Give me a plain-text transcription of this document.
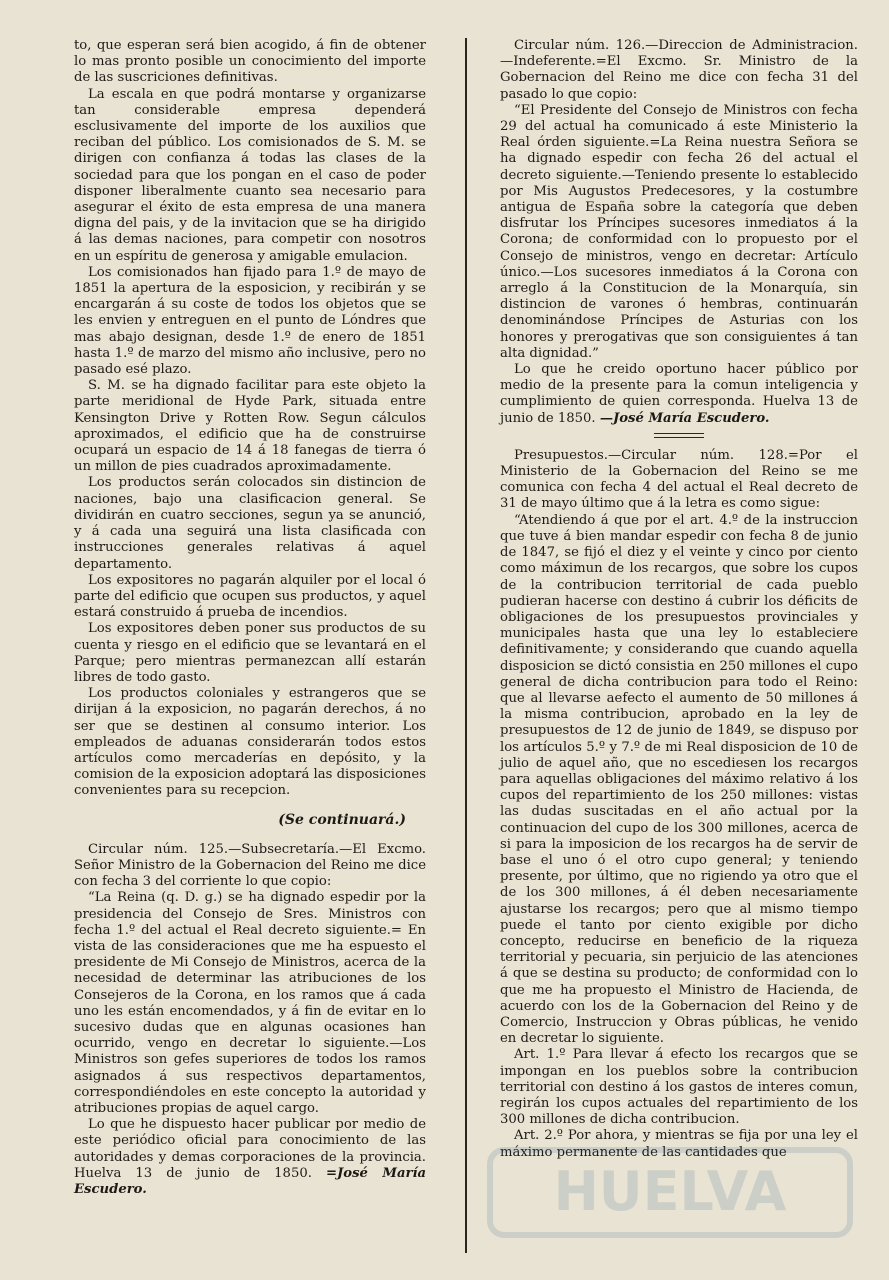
to, que esperan será bien acogido, á fin de obtener lo mas pronto posible un conocimiento del importe de las suscriciones definitivas.

La escala en que podrá montarse y organizarse tan considerable empresa dependerá esclusivamente del importe de los auxilios que reciban del público. Los comisionados de S. M. se dirigen con confianza á todas las clases de la sociedad para que los pongan en el caso de poder disponer liberalmente cuanto sea necesario para asegurar el éxito de esta empresa de una manera digna del pais, y de la invitacion que se ha dirigido á las demas naciones, para competir con nosotros en un espíritu de generosa y amigable emulacion.

Los comisionados han fijado para 1.º de mayo de 1851 la apertura de la esposicion, y recibirán y se encargarán á su coste de todos los objetos que se les envien y entreguen en el punto de Lóndres que mas abajo designan, desde 1.º de enero de 1851 hasta 1.º de marzo del mismo año inclusive, pero no pasado esé plazo.

S. M. se ha dignado facilitar para este objeto la parte meridional de Hyde Park, situada entre Kensington Drive y Rotten Row. Segun cálculos aproximados, el edificio que ha de construirse ocupará un espacio de 14 á 18 fanegas de tierra ó un millon de pies cuadrados aproximadamente.

Los productos serán colocados sin distincion de naciones, bajo una clasificacion general. Se dividirán en cuatro secciones, segun ya se anunció, y á cada una seguirá una lista clasificada con instrucciones generales relativas á aquel departamento.

Los expositores no pagarán alquiler por el local ó parte del edificio que ocupen sus productos, y aquel estará construido á prueba de incendios.

Los expositores deben poner sus productos de su cuenta y riesgo en el edificio que se levantará en el Parque; pero mientras permanezcan allí estarán libres de todo gasto.

Los productos coloniales y estrangeros que se dirijan á la exposicion, no pagarán derechos, á no ser que se destinen al consumo interior. Los empleados de aduanas considerarán todos estos artículos como mercaderías en depósito, y la comision de la exposicion adoptará las disposiciones convenientes para su recepcion.

(Se continuará.)

Circular núm. 125.—Subsecretaría.—El Excmo. Señor Ministro de la Gobernacion del Reino me dice con fecha 3 del corriente lo que copio:

“La Reina (q. D. g.) se ha dignado espedir por la presidencia del Consejo de Sres. Ministros con fecha 1.º del actual el Real decreto siguiente.= En vista de las consideraciones que me ha espuesto el presidente de Mi Consejo de Ministros, acerca de la necesidad de determinar las atribuciones de los Consejeros de la Corona, en los ramos que á cada uno les están encomendados, y á fin de evitar en lo sucesivo dudas que en algunas ocasiones han ocurrido, vengo en decretar lo siguiente.—Los Ministros son gefes superiores de todos los ramos asignados á sus respectivos departamentos, correspondiéndoles en este concepto la autoridad y atribuciones propias de aquel cargo.

Lo que he dispuesto hacer publicar por medio de este periódico oficial para conocimiento de las autoridades y demas corporaciones de la provincia. Huelva 13 de junio de 1850. =José María Escudero.

Circular núm. 126.—Direccion de Administracion.—Indeferente.=El Excmo. Sr. Ministro de la Gobernacion del Reino me dice con fecha 31 del pasado lo que copio:

“El Presidente del Consejo de Ministros con fecha 29 del actual ha comunicado á este Ministerio la Real órden siguiente.=La Reina nuestra Señora se ha dignado espedir con fecha 26 del actual el decreto siguiente.—Teniendo presente lo establecido por Mis Augustos Predecesores, y la costumbre antigua de España sobre la categoría que deben disfrutar los Príncipes sucesores inmediatos á la Corona; de conformidad con lo propuesto por el Consejo de ministros, vengo en decretar: Artículo único.—Los sucesores inmediatos á la Corona con arreglo á la Constitucion de la Monarquía, sin distincion de varones ó hembras, continuarán denominándose Príncipes de Asturias con los honores y prerogativas que son consiguientes á tan alta dignidad.”

Lo que he creido oportuno hacer público por medio de la presente para la comun inteligencia y cumplimiento de quien corresponda. Huelva 13 de junio de 1850. —José María Escudero.

Presupuestos.—Circular núm. 128.=Por el Ministerio de la Gobernacion del Reino se me comunica con fecha 4 del actual el Real decreto de 31 de mayo último que á la letra es como sigue:

“Atendiendo á que por el art. 4.º de la instruccion que tuve á bien mandar espedir con fecha 8 de junio de 1847, se fijó el diez y el veinte y cinco por ciento como máximun de los recargos, que sobre los cupos de la contribucion territorial de cada pueblo pudieran hacerse con destino á cubrir los déficits de obligaciones de los presupuestos provinciales y municipales hasta que una ley lo estableciere definitivamente; y considerando que cuando aquella disposicion se dictó consistia en 250 millones el cupo general de dicha contribucion para todo el Reino: que al llevarse aefecto el aumento de 50 millones á la misma contribucion, aprobado en la ley de presupuestos de 12 de junio de 1849, se dispuso por los artículos 5.º y 7.º de mi Real disposicion de 10 de julio de aquel año, que no escediesen los recargos para aquellas obligaciones del máximo relativo á los cupos del repartimiento de los 250 millones: vistas las dudas suscitadas en el año actual por la continuacion del cupo de los 300 millones, acerca de si para la imposicion de los recargos ha de servir de base el uno ó el otro cupo general; y teniendo presente, por último, que no rigiendo ya otro que el de los 300 millones, á él deben necesariamente ajustarse los recargos; pero que al mismo tiempo puede el tanto por ciento exigible por dicho concepto, reducirse en beneficio de la riqueza territorial y pecuaria, sin perjuicio de las atenciones á que se destina su producto; de conformidad con lo que me ha propuesto el Ministro de Hacienda, de acuerdo con los de la Gobernacion del Reino y de Comercio, Instruccion y Obras públicas, he venido en decretar lo siguiente.

Art. 1.º Para llevar á efecto los recargos que se impongan en los pueblos sobre la contribucion territorial con destino á los gastos de interes comun, regirán los cupos actuales del repartimiento de los 300 millones de dicha contribucion.

Art. 2.º Por ahora, y mientras se fija por una ley el máximo permanente de las cantidades que

HUELVA
